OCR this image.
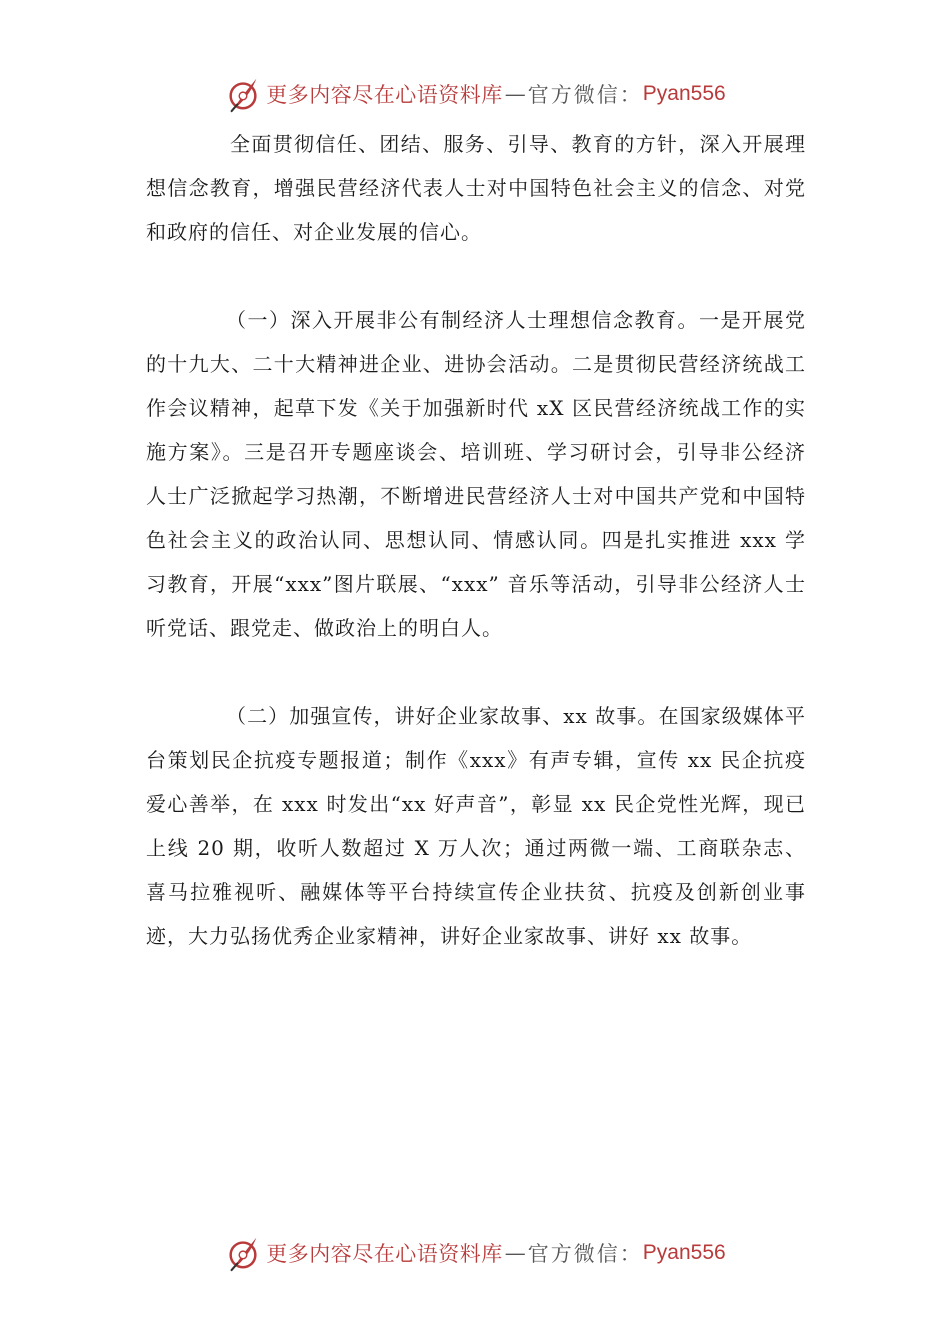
更多内容尽在心语资料库 — 官方微信： Pyan556

全面贯彻信任、团结、服务、引导、教育的方针，深入开展理想信念教育，增强民营经济代表人士对中国特色社会主义的信念、对党和政府的信任、对企业发展的信心。

（一）深入开展非公有制经济人士理想信念教育。一是开展党的十九大、二十大精神进企业、进协会活动。二是贯彻民营经济统战工作会议精神，起草下发《关于加强新时代 xX 区民营经济统战工作的实施方案》。三是召开专题座谈会、培训班、学习研讨会，引导非公经济人士广泛掀起学习热潮，不断增进民营经济人士对中国共产党和中国特色社会主义的政治认同、思想认同、情感认同。四是扎实推进 xxx 学习教育，开展“xxx”图片联展、“xxx” 音乐等活动，引导非公经济人士听党话、跟党走、做政治上的明白人。

（二）加强宣传，讲好企业家故事、xx 故事。在国家级媒体平台策划民企抗疫专题报道；制作《xxx》有声专辑，宣传 xx 民企抗疫爱心善举，在 xxx 时发出“xx 好声音”，彰显 xx 民企党性光辉，现已上线 20 期，收听人数超过 X 万人次；通过两微一端、工商联杂志、喜马拉雅视听、融媒体等平台持续宣传企业扶贫、抗疫及创新创业事迹，大力弘扬优秀企业家精神，讲好企业家故事、讲好 xx 故事。

更多内容尽在心语资料库 — 官方微信： Pyan556
